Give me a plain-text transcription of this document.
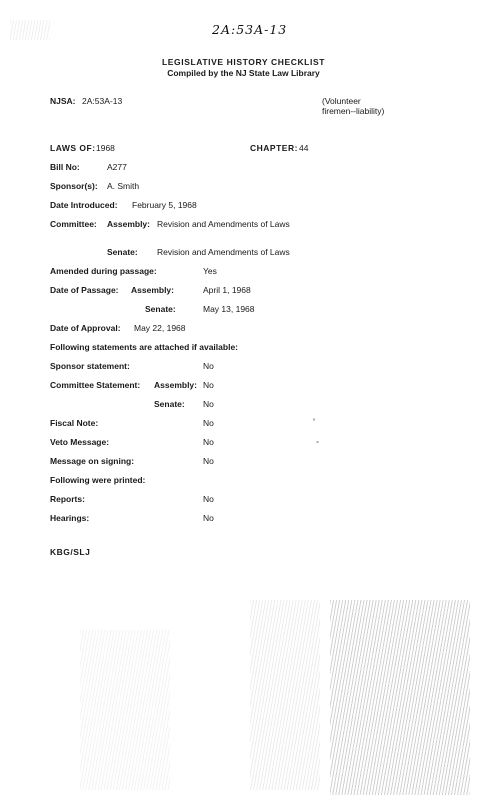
2A:53A-13
LEGISLATIVE HISTORY CHECKLIST
Compiled by the NJ State Law Library
NJSA: 2A:53A-13	(Volunteer
firemen--liability)
LAWS OF: 1968	CHAPTER: 44
Bill No:	A277
Sponsor(s): A. Smith
Date Introduced: February 5, 1968
Committee: Assembly: Revision and Amendments of Laws
Senate: Revision and Amendments of Laws
Amended during passage:	Yes
Date of Passage: Assembly:	April 1, 1968
Senate:	May 13, 1968
Date of Approval: May 22, 1968
Following statements are attached if available:
Sponsor statement:	No
Committee Statement: Assembly: No
Senate: No
Fiscal Note:	No
Veto Message:	No
Message on signing:	No
Following were printed:
Reports:	No
Hearings:	No
KBG/SLJ
